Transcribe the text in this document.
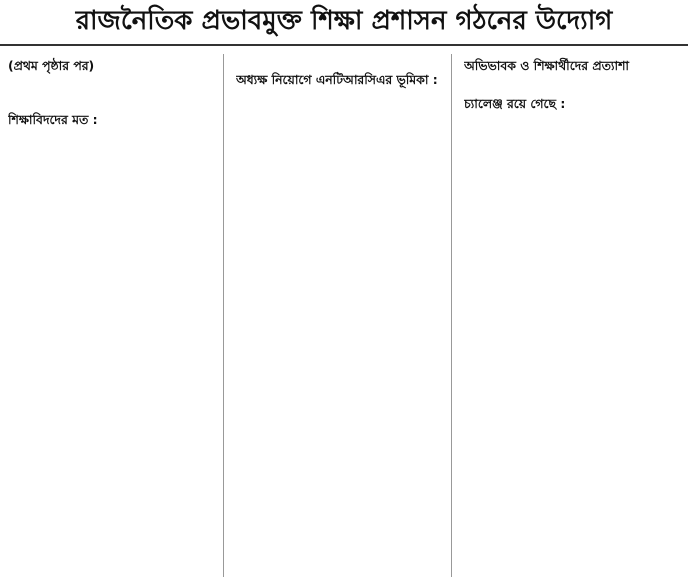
রাজনৈতিক প্রভাবমুক্ত শিক্ষা প্রশাসন গঠনের উদ্যোগ
(প্রথম পৃষ্ঠার পর)

শিক্ষাবিদদের মত :

অধ্যক্ষ নিয়োগে এনটিআরসিএর ভূমিকা :

অভিভাবক ও শিক্ষার্থীদের প্রত্যাশা

চ্যালেঞ্জ রয়ে গেছে :
